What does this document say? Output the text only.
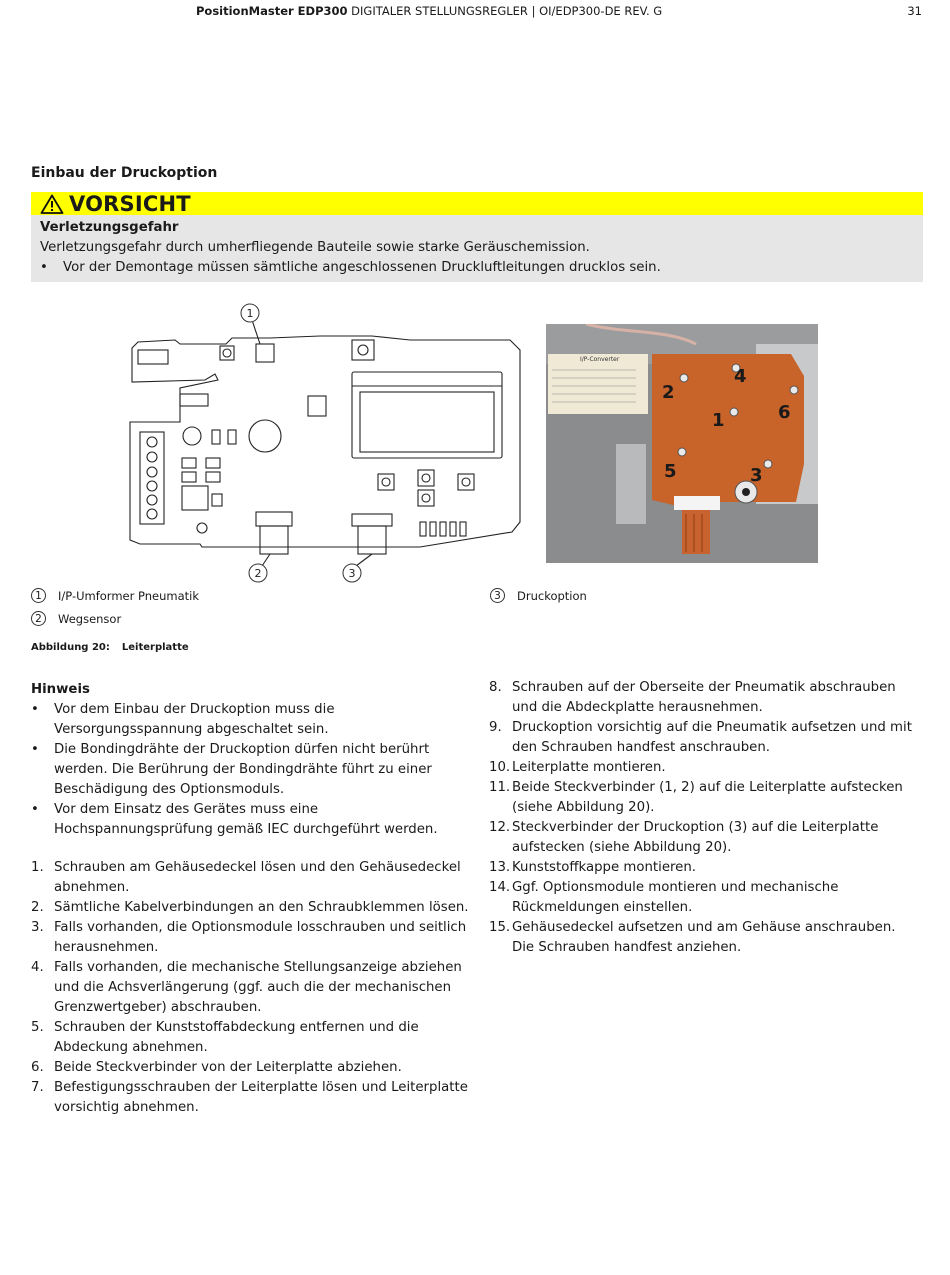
PositionMaster EDP300 DIGITALER STELLUNGSREGLER | OI/EDP300-DE REV. G	31
Einbau der Druckoption
VORSICHT
Verletzungsgefahr
Verletzungsgefahr durch umherfliegende Bauteile sowie starke Geräuschemission.
•	Vor der Demontage müssen sämtliche angeschlossenen Druckluftleitungen drucklos sein.
1
2	3
I/P-Converter
1
2
3
4
5
6
1	I/P-Umformer Pneumatik
2	Wegsensor
3	Druckoption
Abbildung 20: Leiterplatte
Hinweis
•	Vor dem Einbau der Druckoption muss die Versorgungsspannung abgeschaltet sein.
•	Die Bondingdrähte der Druckoption dürfen nicht berührt werden. Die Berührung der Bondingdrähte führt zu einer Beschädigung des Optionsmoduls.
•	Vor dem Einsatz des Gerätes muss eine Hochspannungsprüfung gemäß IEC durchgeführt werden.
1. Schrauben am Gehäusedeckel lösen und den Gehäusedeckel abnehmen.
2. Sämtliche Kabelverbindungen an den Schraubklemmen lösen.
3. Falls vorhanden, die Optionsmodule losschrauben und seitlich herausnehmen.
4. Falls vorhanden, die mechanische Stellungsanzeige abziehen und die Achsverlängerung (ggf. auch die der mechanischen Grenzwertgeber) abschrauben.
5. Schrauben der Kunststoffabdeckung entfernen und die Abdeckung abnehmen.
6. Beide Steckverbinder von der Leiterplatte abziehen.
7. Befestigungsschrauben der Leiterplatte lösen und Leiterplatte vorsichtig abnehmen.
8. Schrauben auf der Oberseite der Pneumatik abschrauben und die Abdeckplatte herausnehmen.
9. Druckoption vorsichtig auf die Pneumatik aufsetzen und mit den Schrauben handfest anschrauben.
10. Leiterplatte montieren.
11. Beide Steckverbinder (1, 2) auf die Leiterplatte aufstecken (siehe Abbildung 20).
12. Steckverbinder der Druckoption (3) auf die Leiterplatte aufstecken (siehe Abbildung 20).
13. Kunststoffkappe montieren.
14. Ggf. Optionsmodule montieren und mechanische Rückmeldungen einstellen.
15. Gehäusedeckel aufsetzen und am Gehäuse anschrauben. Die Schrauben handfest anziehen.
